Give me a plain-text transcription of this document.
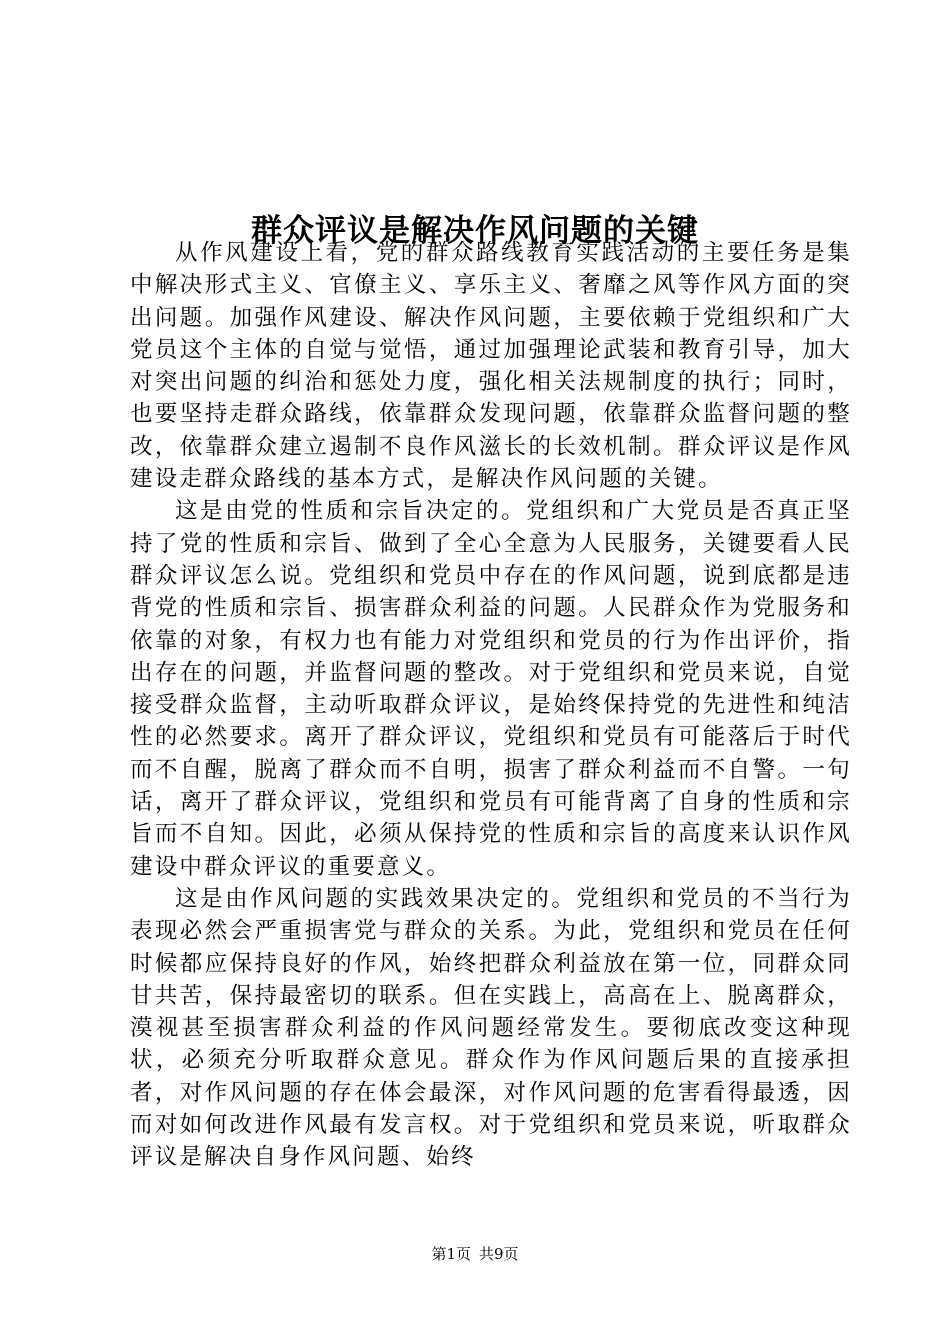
群众评议是解决作风问题的关键

从作风建设上看，党的群众路线教育实践活动的主要任务是集中解决形式主义、官僚主义、享乐主义、奢靡之风等作风方面的突出问题。加强作风建设、解决作风问题，主要依赖于党组织和广大党员这个主体的自觉与觉悟，通过加强理论武装和教育引导，加大对突出问题的纠治和惩处力度，强化相关法规制度的执行；同时，也要坚持走群众路线，依靠群众发现问题，依靠群众监督问题的整改，依靠群众建立遏制不良作风滋长的长效机制。群众评议是作风建设走群众路线的基本方式，是解决作风问题的关键。

这是由党的性质和宗旨决定的。党组织和广大党员是否真正坚持了党的性质和宗旨、做到了全心全意为人民服务，关键要看人民群众评议怎么说。党组织和党员中存在的作风问题，说到底都是违背党的性质和宗旨、损害群众利益的问题。人民群众作为党服务和依靠的对象，有权力也有能力对党组织和党员的行为作出评价，指出存在的问题，并监督问题的整改。对于党组织和党员来说，自觉接受群众监督，主动听取群众评议，是始终保持党的先进性和纯洁性的必然要求。离开了群众评议，党组织和党员有可能落后于时代而不自醒，脱离了群众而不自明，损害了群众利益而不自警。一句话，离开了群众评议，党组织和党员有可能背离了自身的性质和宗旨而不自知。因此，必须从保持党的性质和宗旨的高度来认识作风建设中群众评议的重要意义。

这是由作风问题的实践效果决定的。党组织和党员的不当行为表现必然会严重损害党与群众的关系。为此，党组织和党员在任何时候都应保持良好的作风，始终把群众利益放在第一位，同群众同甘共苦，保持最密切的联系。但在实践上，高高在上、脱离群众，漠视甚至损害群众利益的作风问题经常发生。要彻底改变这种现状，必须充分听取群众意见。群众作为作风问题后果的直接承担者，对作风问题的存在体会最深，对作风问题的危害看得最透，因而对如何改进作风最有发言权。对于党组织和党员来说，听取群众评议是解决自身作风问题、始终

第1页 共9页
